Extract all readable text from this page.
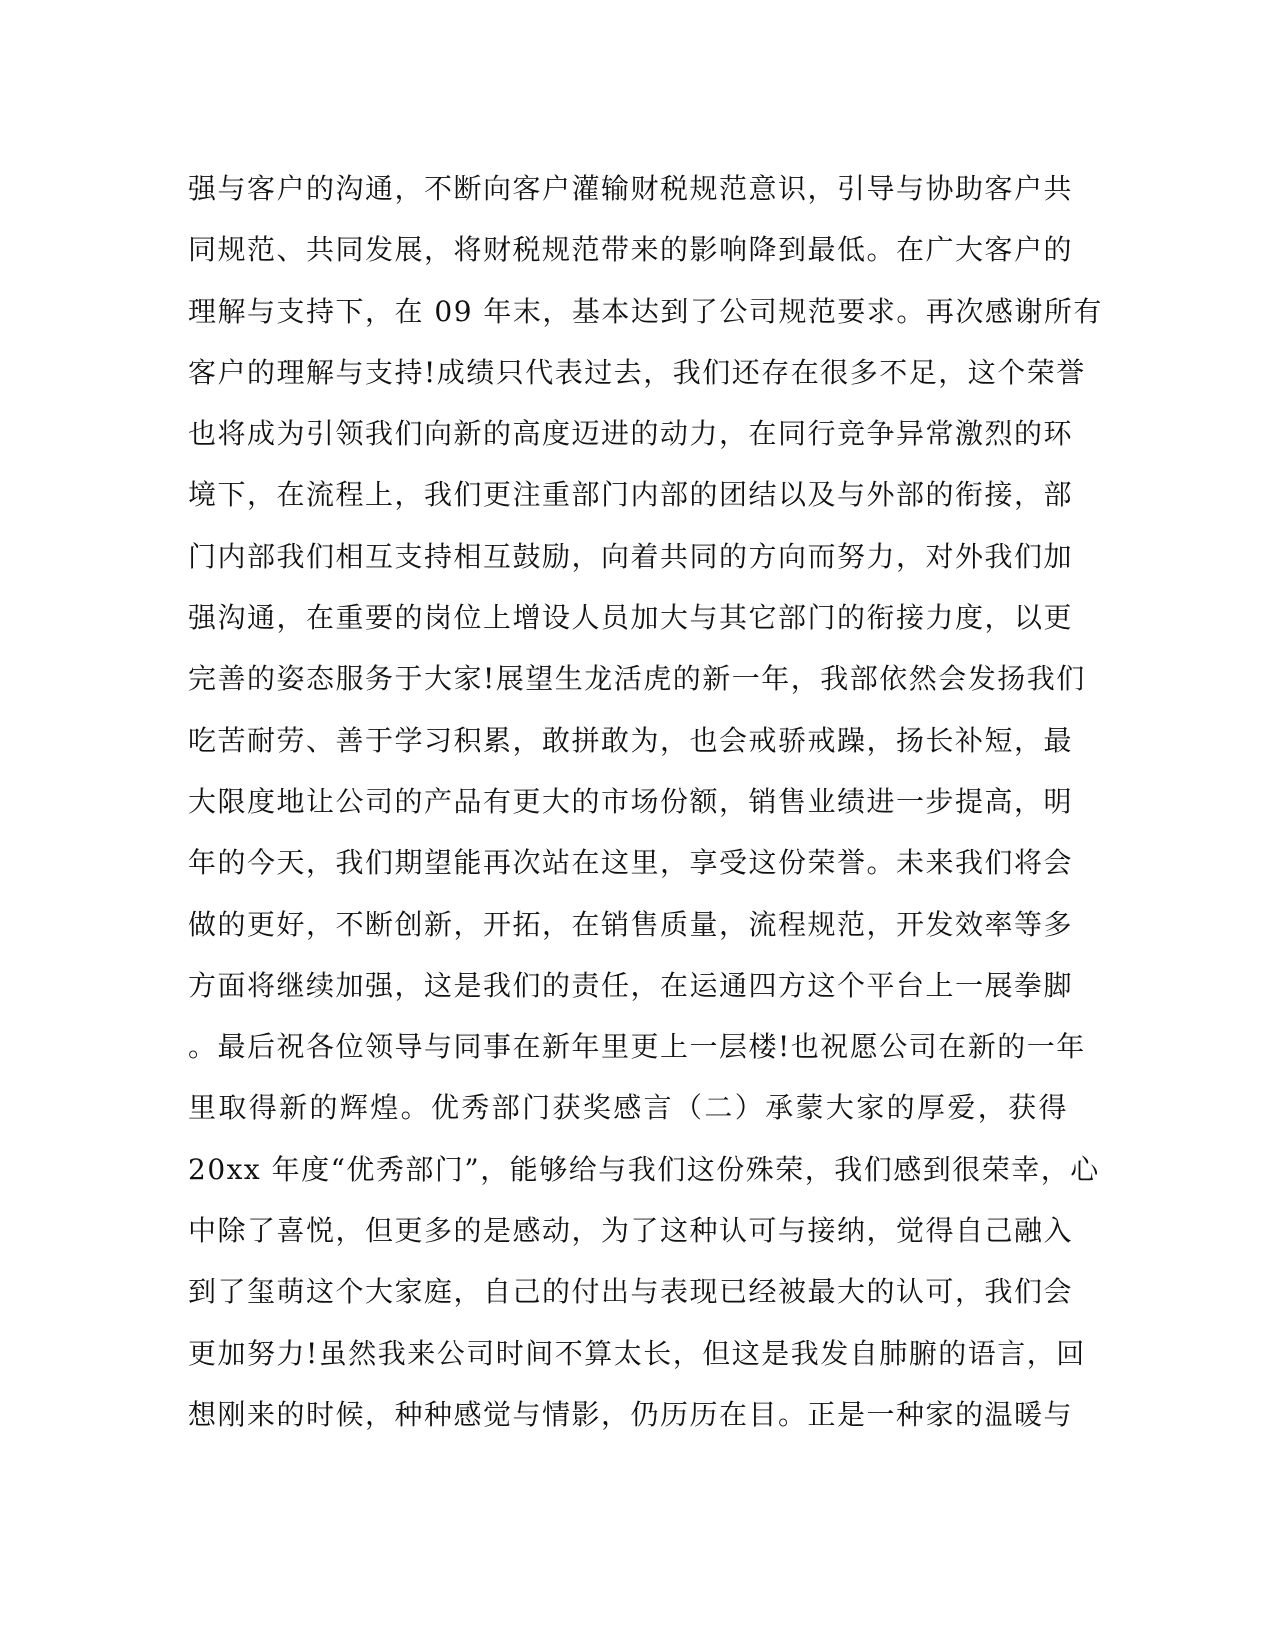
强与客户的沟通，不断向客户灌输财税规范意识，引导与协助客户共
同规范、共同发展，将财税规范带来的影响降到最低。在广大客户的
理解与支持下，在 09 年末，基本达到了公司规范要求。再次感谢所有
客户的理解与支持!成绩只代表过去，我们还存在很多不足，这个荣誉
也将成为引领我们向新的高度迈进的动力，在同行竞争异常激烈的环
境下，在流程上，我们更注重部门内部的团结以及与外部的衔接，部
门内部我们相互支持相互鼓励，向着共同的方向而努力，对外我们加
强沟通，在重要的岗位上增设人员加大与其它部门的衔接力度，以更
完善的姿态服务于大家!展望生龙活虎的新一年，我部依然会发扬我们
吃苦耐劳、善于学习积累，敢拼敢为，也会戒骄戒躁，扬长补短，最
大限度地让公司的产品有更大的市场份额，销售业绩进一步提高，明
年的今天，我们期望能再次站在这里，享受这份荣誉。未来我们将会
做的更好，不断创新，开拓，在销售质量，流程规范，开发效率等多
方面将继续加强，这是我们的责任，在运通四方这个平台上一展拳脚
。最后祝各位领导与同事在新年里更上一层楼!也祝愿公司在新的一年
里取得新的辉煌。优秀部门获奖感言（二）承蒙大家的厚爱，获得
20xx 年度“优秀部门”，能够给与我们这份殊荣，我们感到很荣幸，心
中除了喜悦，但更多的是感动，为了这种认可与接纳，觉得自己融入
到了玺萌这个大家庭，自己的付出与表现已经被最大的认可，我们会
更加努力!虽然我来公司时间不算太长，但这是我发自肺腑的语言，回
想刚来的时候，种种感觉与情影，仍历历在目。正是一种家的温暖与
